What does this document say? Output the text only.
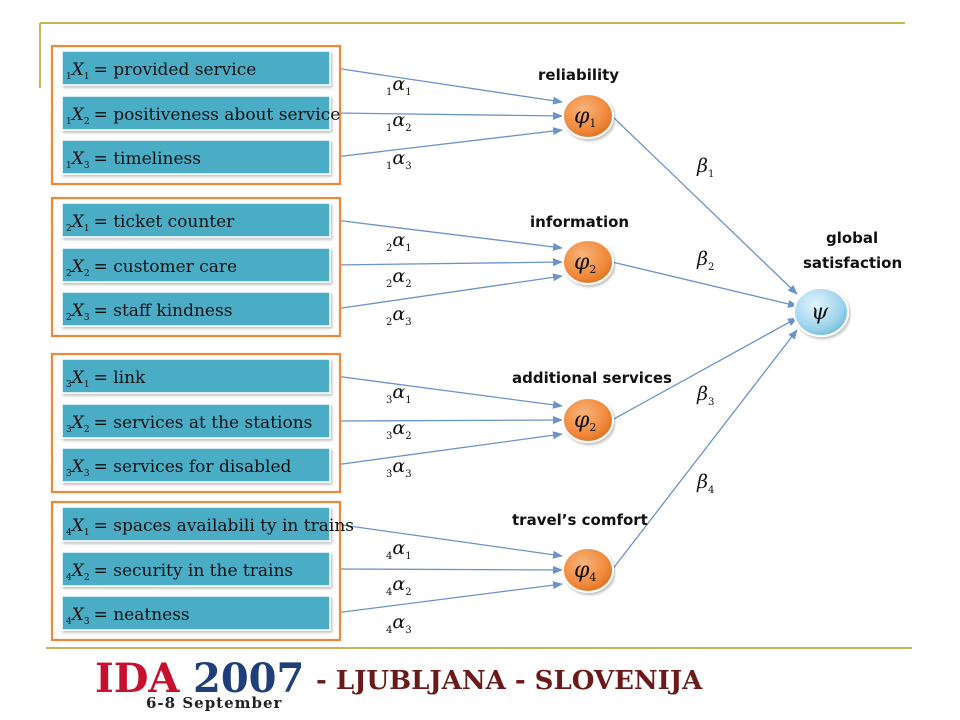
$_1\alpha_1$
$_1\alpha_2$
$_1\alpha_3$	$\beta_1$
$_2\alpha_1$
$_2\alpha_2$
$_2\alpha_3$
$\beta_2$
$_3\alpha_1$
$_3\alpha_2$
$_3\alpha_3$
$\beta_3$
$_4\alpha_1$
$_4\alpha_2$
$_4\alpha_3$
$\beta_4$
$_1X_1$ = provided service
$_1X_2$ = positiveness about service
$_1X_3$ = timeliness
$_2X_1$ = ticket counter
$_2X_2$ = customer care
$_2X_3$ = staff kindness
$_3X_1$ = link
$_3X_2$ = services at the stations
$_3X_3$ = services for disabled
$_4X_1$ = spaces availabili ty in trains
$_4X_2$ = security in the trains
$_4X_3$ = neatness
φ1
reliability
φ2
information
φ2
additional services
φ4
travel’s comfort
ψ
global
satisfaction
IDA 2007 - LJUBLJANA - SLOVENIJA
6-8 September
